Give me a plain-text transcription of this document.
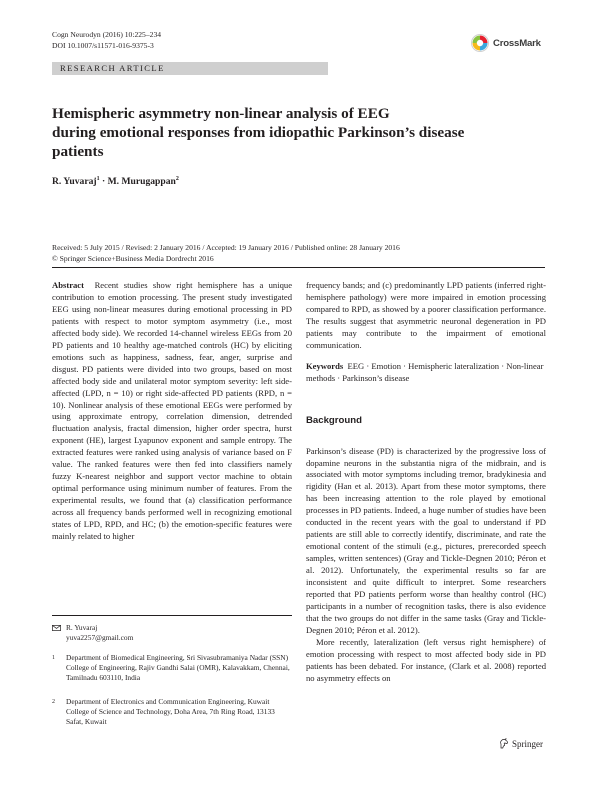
Cogn Neurodyn (2016) 10:225–234
DOI 10.1007/s11571-016-9375-3	CrossMark
RESEARCH ARTICLE
Hemispheric asymmetry non-linear analysis of EEG
during emotional responses from idiopathic Parkinson’s disease
patients
R. Yuvaraj$^1$ · M. Murugappan$^2$
Received: 5 July 2015 / Revised: 2 January 2016 / Accepted: 19 January 2016 / Published online: 28 January 2016
© Springer Science+Business Media Dordrecht 2016

Abstract Recent studies show right hemisphere has a unique contribution to emotion processing. The present study investigated EEG using non-linear measures during emotional processing in PD patients with respect to motor symptom asymmetry (i.e., most affected body side). We recorded 14-channel wireless EEGs from 20 PD patients and 10 healthy age-matched controls (HC) by eliciting emotions such as happiness, sadness, fear, anger, surprise and disgust. PD patients were divided into two groups, based on most affected body side and unilateral motor symptom severity: left side-affected (LPD, n = 10) or right side-affected PD patients (RPD, n = 10). Nonlinear analysis of these emotional EEGs were performed by using approximate entropy, correlation dimension, detrended fluctuation analysis, fractal dimension, higher order spectra, hurst exponent (HE), largest Lyapunov exponent and sample entropy. The extracted features were ranked using analysis of variance based on F value. The ranked features were then fed into classifiers namely fuzzy K-nearest neighbor and support vector machine to obtain optimal performance using minimum number of features. From the experimental results, we found that (a) classification performance across all frequency bands performed well in recognizing emotional states of LPD, RPD, and HC; (b) the emotion-specific features were mainly related to higher

R. Yuvaraj
yuva2257@gmail.com
1 Department of Biomedical Engineering, Sri Sivasubramaniya Nadar (SSN) College of Engineering, Rajiv Gandhi Salai (OMR), Kalavakkam, Chennai, Tamilnadu 603110, India
2 Department of Electronics and Communication Engineering, Kuwait College of Science and Technology, Doha Area, 7th Ring Road, 13133 Safat, Kuwait

frequency bands; and (c) predominantly LPD patients (inferred right-hemisphere pathology) were more impaired in emotion processing compared to RPD, as showed by a poorer classification performance. The results suggest that asymmetric neuronal degeneration in PD patients may contribute to the impairment of emotional communication.

Keywords EEG · Emotion · Hemispheric lateralization · Non-linear methods · Parkinson’s disease

Background

Parkinson’s disease (PD) is characterized by the progressive loss of dopamine neurons in the substantia nigra of the midbrain, and is associated with motor symptoms including tremor, bradykinesia and rigidity (Han et al. 2013). Apart from these motor symptoms, there has been increasing attention to the role played by emotional processes in PD patients. Indeed, a huge number of studies have been conducted in the recent years with the goal to understand if PD patients are still able to correctly identify, discriminate, and rate the emotional content of the stimuli (e.g., pictures, prerecorded speech samples, written sentences) (Gray and Tickle-Degnen 2010; Péron et al. 2012). Unfortunately, the experimental results so far are inconsistent and quite difficult to interpret. Some researchers reported that PD patients perform worse than healthy control (HC) participants in a number of recognition tasks, there is also evidence that the two groups do not differ in the same tasks (Gray and Tickle-Degnen 2010; Péron et al. 2012).

More recently, lateralization (left versus right hemisphere) of emotion processing with respect to most affected body side in PD patients has been debated. For instance, (Clark et al. 2008) reported no asymmetry effects on

Springer
